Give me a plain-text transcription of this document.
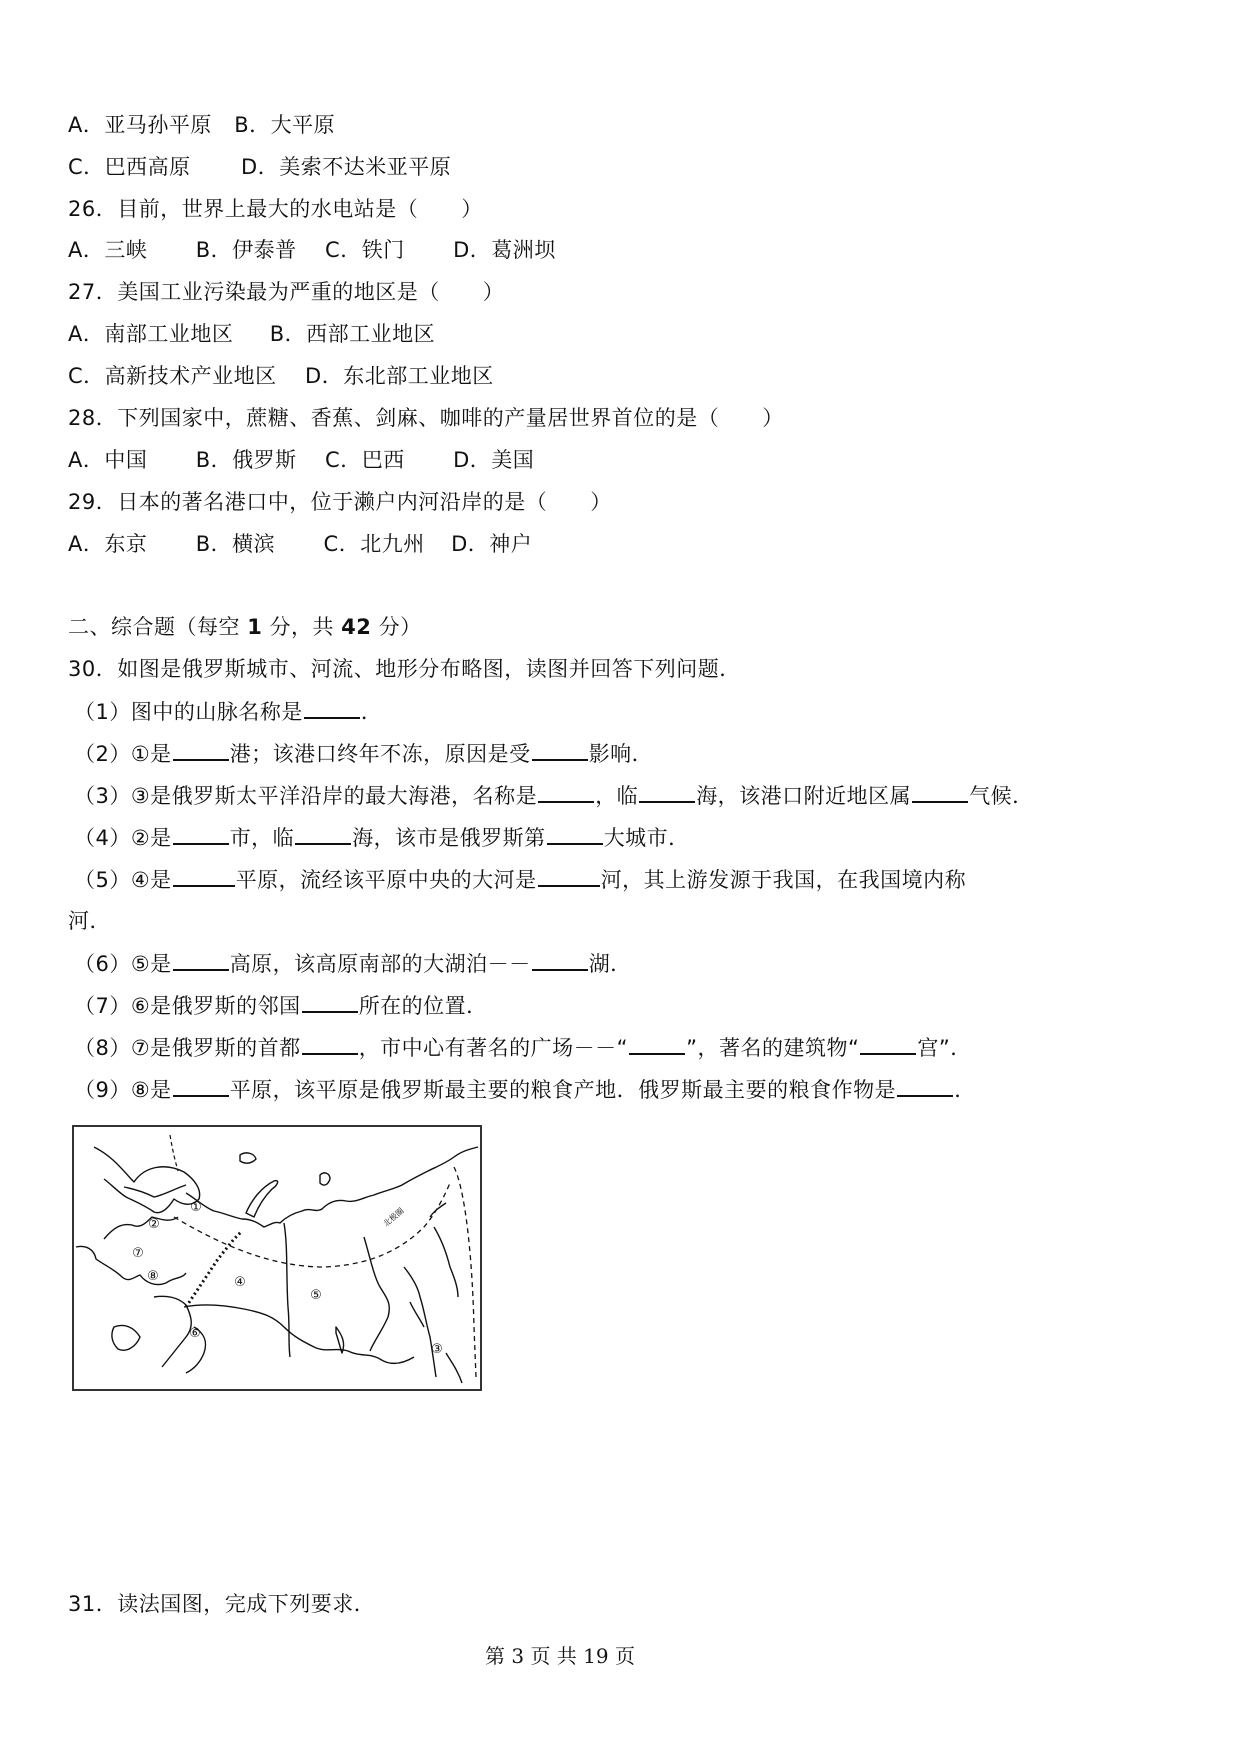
A．亚马孙平原 B．大平原
C．巴西高原 D．美索不达米亚平原
26．目前，世界上最大的水电站是（　　）
A．三峡 B．伊泰普 C．铁门 D．葛洲坝
27．美国工业污染最为严重的地区是（　　）
A．南部工业地区 B．西部工业地区
C．高新技术产业地区 D．东北部工业地区
28．下列国家中，蔗糖、香蕉、剑麻、咖啡的产量居世界首位的是（　　）
A．中国 B．俄罗斯 C．巴西 D．美国
29．日本的著名港口中，位于濑户内河沿岸的是（　　）
A．东京 B．横滨 C．北九州 D．神户
二、综合题（每空 1 分，共 42 分）
30．如图是俄罗斯城市、河流、地形分布略图，读图并回答下列问题．
（1）图中的山脉名称是	．
（2）①是	港；该港口终年不冻，原因是受	影响．
（3）③是俄罗斯太平洋沿岸的最大海港，名称是	，临	海，该港口附近地区属	气候．
（4）②是	市，临	海，该市是俄罗斯第	大城市．
（5）④是	平原，流经该平原中央的大河是	河，其上游发源于我国，在我国境内称
河．
（6）⑤是	高原，该高原南部的大湖泊－－	湖．
（7）⑥是俄罗斯的邻国	所在的位置．
（8）⑦是俄罗斯的首都	，市中心有著名的广场－－“	”，著名的建筑物“	宫”．
（9）⑧是	平原，该平原是俄罗斯最主要的粮食产地．俄罗斯最主要的粮食作物是	．
①
②
③
④
⑤
⑥
⑦
⑧
北极圈
31．读法国图，完成下列要求．
第 3 页 共 19 页
